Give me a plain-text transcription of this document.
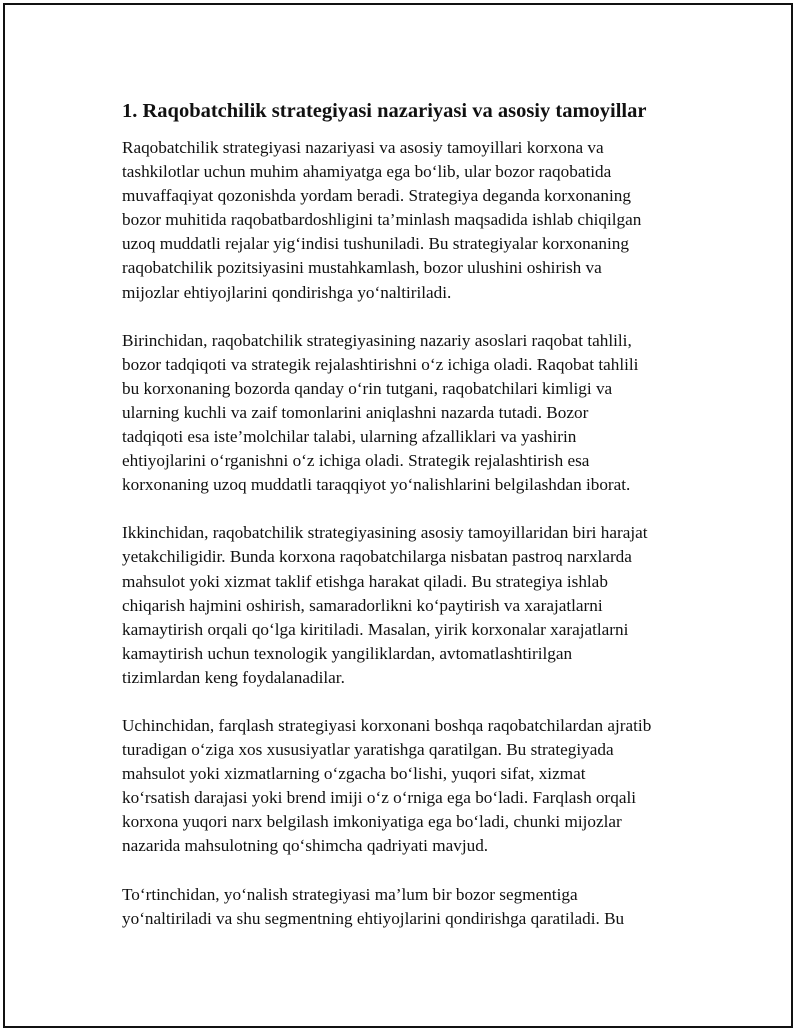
1. Raqobatchilik strategiyasi nazariyasi va asosiy tamoyillar

Raqobatchilik strategiyasi nazariyasi va asosiy tamoyillari korxona va
tashkilotlar uchun muhim ahamiyatga ega bo‘lib, ular bozor raqobatida
muvaffaqiyat qozonishda yordam beradi. Strategiya deganda korxonaning
bozor muhitida raqobatbardoshligini ta’minlash maqsadida ishlab chiqilgan
uzoq muddatli rejalar yig‘indisi tushuniladi. Bu strategiyalar korxonaning
raqobatchilik pozitsiyasini mustahkamlash, bozor ulushini oshirish va
mijozlar ehtiyojlarini qondirishga yo‘naltiriladi.

Birinchidan, raqobatchilik strategiyasining nazariy asoslari raqobat tahlili,
bozor tadqiqoti va strategik rejalashtirishni o‘z ichiga oladi. Raqobat tahlili
bu korxonaning bozorda qanday o‘rin tutgani, raqobatchilari kimligi va
ularning kuchli va zaif tomonlarini aniqlashni nazarda tutadi. Bozor
tadqiqoti esa iste’molchilar talabi, ularning afzalliklari va yashirin
ehtiyojlarini o‘rganishni o‘z ichiga oladi. Strategik rejalashtirish esa
korxonaning uzoq muddatli taraqqiyot yo‘nalishlarini belgilashdan iborat.

Ikkinchidan, raqobatchilik strategiyasining asosiy tamoyillaridan biri harajat
yetakchiligidir. Bunda korxona raqobatchilarga nisbatan pastroq narxlarda
mahsulot yoki xizmat taklif etishga harakat qiladi. Bu strategiya ishlab
chiqarish hajmini oshirish, samaradorlikni ko‘paytirish va xarajatlarni
kamaytirish orqali qo‘lga kiritiladi. Masalan, yirik korxonalar xarajatlarni
kamaytirish uchun texnologik yangiliklardan, avtomatlashtirilgan
tizimlardan keng foydalanadilar.

Uchinchidan, farqlash strategiyasi korxonani boshqa raqobatchilardan ajratib
turadigan o‘ziga xos xususiyatlar yaratishga qaratilgan. Bu strategiyada
mahsulot yoki xizmatlarning o‘zgacha bo‘lishi, yuqori sifat, xizmat
ko‘rsatish darajasi yoki brend imiji o‘z o‘rniga ega bo‘ladi. Farqlash orqali
korxona yuqori narx belgilash imkoniyatiga ega bo‘ladi, chunki mijozlar
nazarida mahsulotning qo‘shimcha qadriyati mavjud.

To‘rtinchidan, yo‘nalish strategiyasi ma’lum bir bozor segmentiga
yo‘naltiriladi va shu segmentning ehtiyojlarini qondirishga qaratiladi. Bu
